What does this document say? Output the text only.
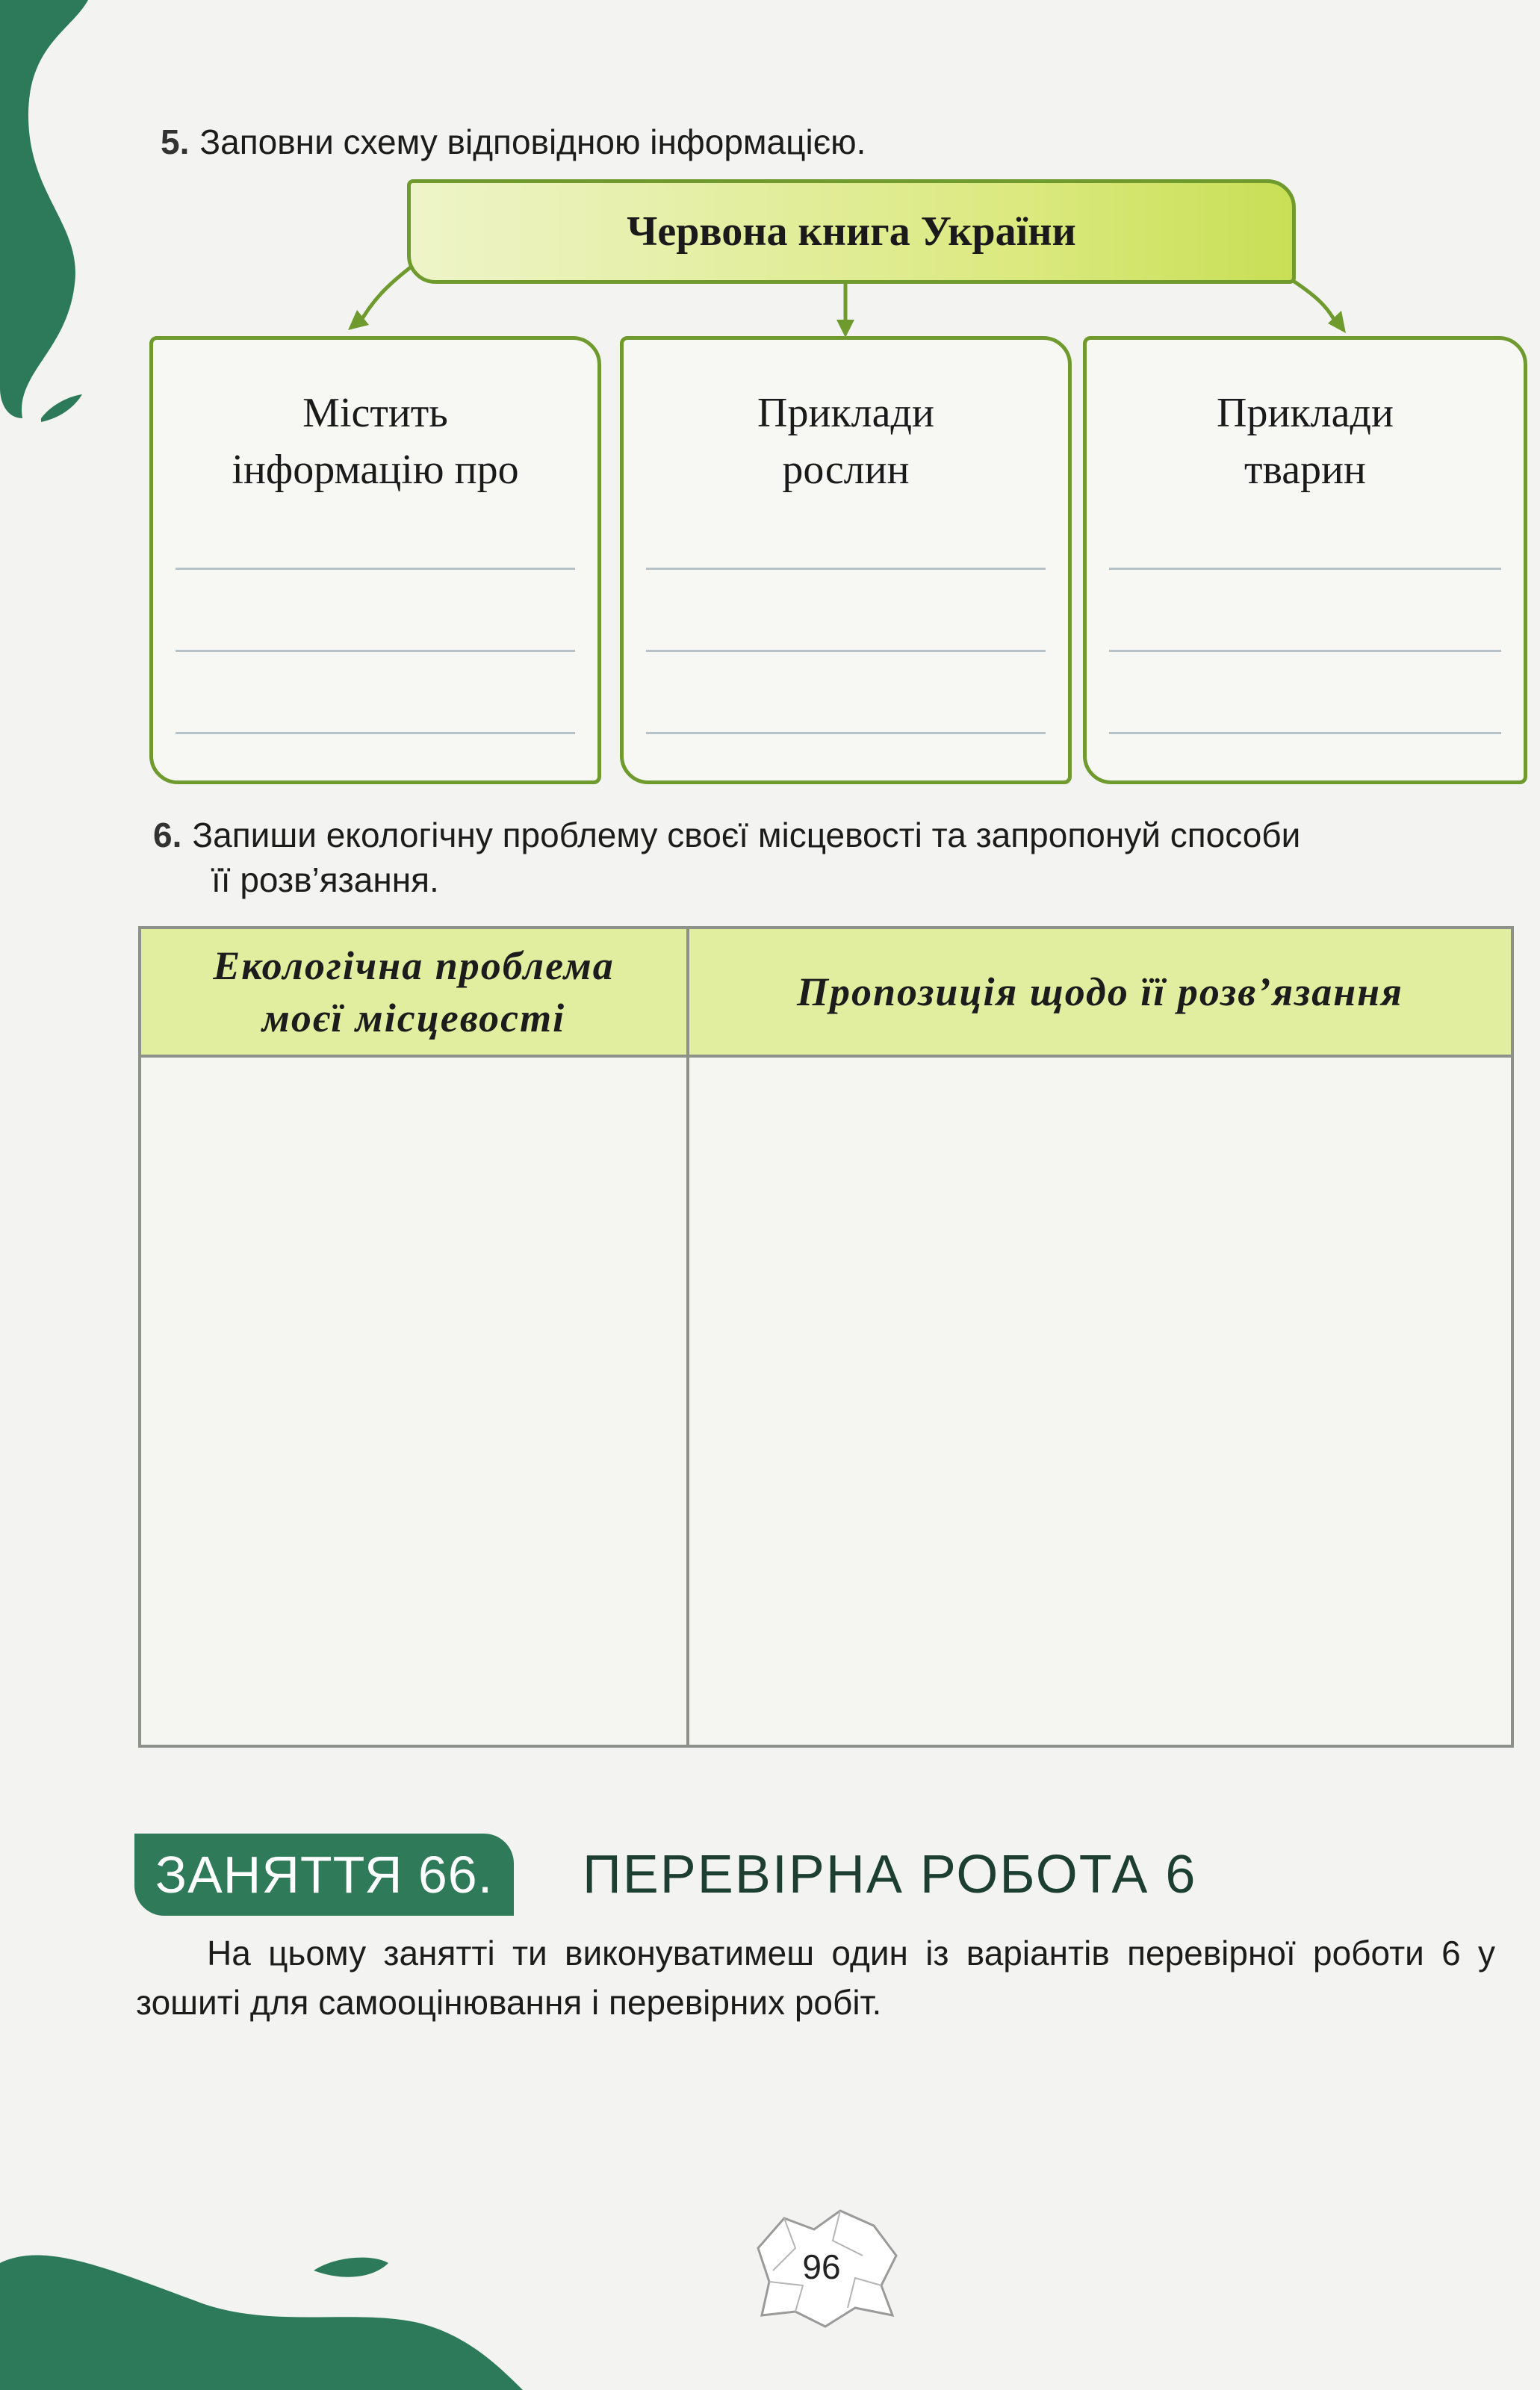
5. Заповни схему відповідною інформацією.
Червона книга України
Містить
інформацію про
Приклади
рослин
Приклади
тварин
6. Запиши екологічну проблему своєї місцевості та запропонуй способи
її розв’язання.
Екологічна проблема
моєї місцевості	Пропозиція щодо її розв’язання

ЗАНЯТТЯ 66.	ПЕРЕВІРНА РОБОТА 6
На цьому занятті ти виконуватимеш один із варіантів перевірної роботи 6 у зошиті для самооцінювання і перевірних робіт.
96
